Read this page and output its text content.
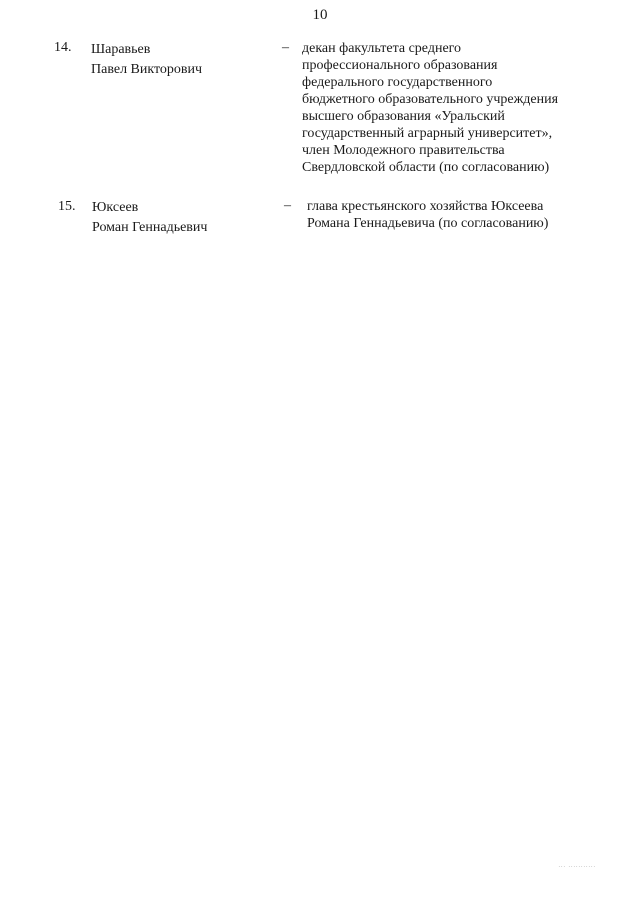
10
14. Шаравьев
Павел Викторович
– декан факультета среднего
профессионального образования
федерального государственного
бюджетного образовательного учреждения
высшего образования «Уральский
государственный аграрный университет»,
член Молодежного правительства
Свердловской области (по согласованию)
15. Юксеев
Роман Геннадьевич
– глава крестьянского хозяйства Юксеева
Романа Геннадьевича (по согласованию)
... ...........
